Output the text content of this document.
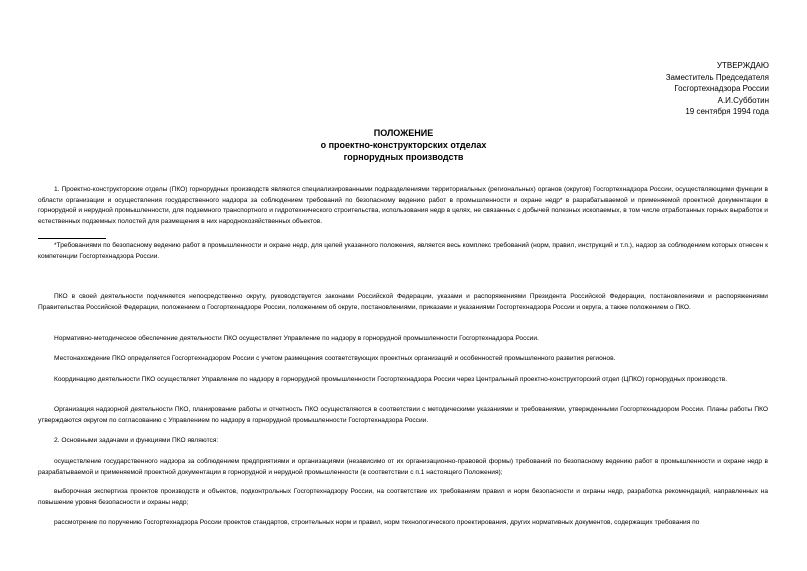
УТВЕРЖДАЮ
Заместитель Председателя
Госгортехнадзора России
А.И.Субботин
19 сентября 1994 года
ПОЛОЖЕНИЕ
о проектно-конструкторских отделах
горнорудных производств

1. Проектно-конструкторские отделы (ПКО) горнорудных производств являются специализированными подразделениями территориальных (региональных) органов (округов) Госгортехнадзора России, осуществляющими функции в области организации и осуществления государственного надзора за соблюдением требований по безопасному ведению работ в промышленности и охране недр* в разрабатываемой и применяемой проектной документации в горнорудной и нерудной промышленности, для подземного транспортного и гидротехнического строительства, использования недр в целях, не связанных с добычей полезных ископаемых, в том числе отработанных горных выработок и естественных подземных полостей для размещения в них народнохозяйственных объектов.

*Требованиями по безопасному ведению работ в промышленности и охране недр, для целей указанного положения, является весь комплекс требований (норм, правил, инструкций и т.п.), надзор за соблюдением которых отнесен к компетенции Госгортехнадзора России.

ПКО в своей деятельности подчиняется непосредственно округу, руководствуется законами Российской Федерации, указами и распоряжениями Президента Российской Федерации, постановлениями и распоряжениями Правительства Российской Федерации, положением о Госгортехнадзоре России, положением об округе, постановлениями, приказами и указаниями Госгортехнадзора России и округа, а также положением о ПКО.

Нормативно-методическое обеспечение деятельности ПКО осуществляет Управление по надзору в горнорудной промышленности Госгортехнадзора России.

Местонахождение ПКО определяется Госгортехнадзором России с учетом размещения соответствующих проектных организаций и особенностей промышленного развития регионов.

Координацию деятельности ПКО осуществляет Управление по надзору в горнорудной промышленности Госгортехнадзора России через Центральный проектно-конструкторский отдел (ЦПКО) горнорудных производств.

Организация надзорной деятельности ПКО, планирование работы и отчетность ПКО осуществляются в соответствии с методическими указаниями и требованиями, утвержденными Госгортехнадзором России. Планы работы ПКО утверждаются округом по согласованию с Управлением по надзору в горнорудной промышленности Госгортехнадзора России.

2. Основными задачами и функциями ПКО являются:

осуществление государственного надзора за соблюдением предприятиями и организациями (независимо от их организационно-правовой формы) требований по безопасному ведению работ в промышленности и охране недр в разрабатываемой и применяемой проектной документации в горнорудной и нерудной промышленности (в соответствии с п.1 настоящего Положения);

выборочная экспертиза проектов производств и объектов, подконтрольных Госгортехнадзору России, на соответствие их требованиям правил и норм безопасности и охраны недр, разработка рекомендаций, направленных на повышение уровня безопасности и охраны недр;

рассмотрение по поручению Госгортехнадзора России проектов стандартов, строительных норм и правил, норм технологического проектирования, других нормативных документов, содержащих требования по
